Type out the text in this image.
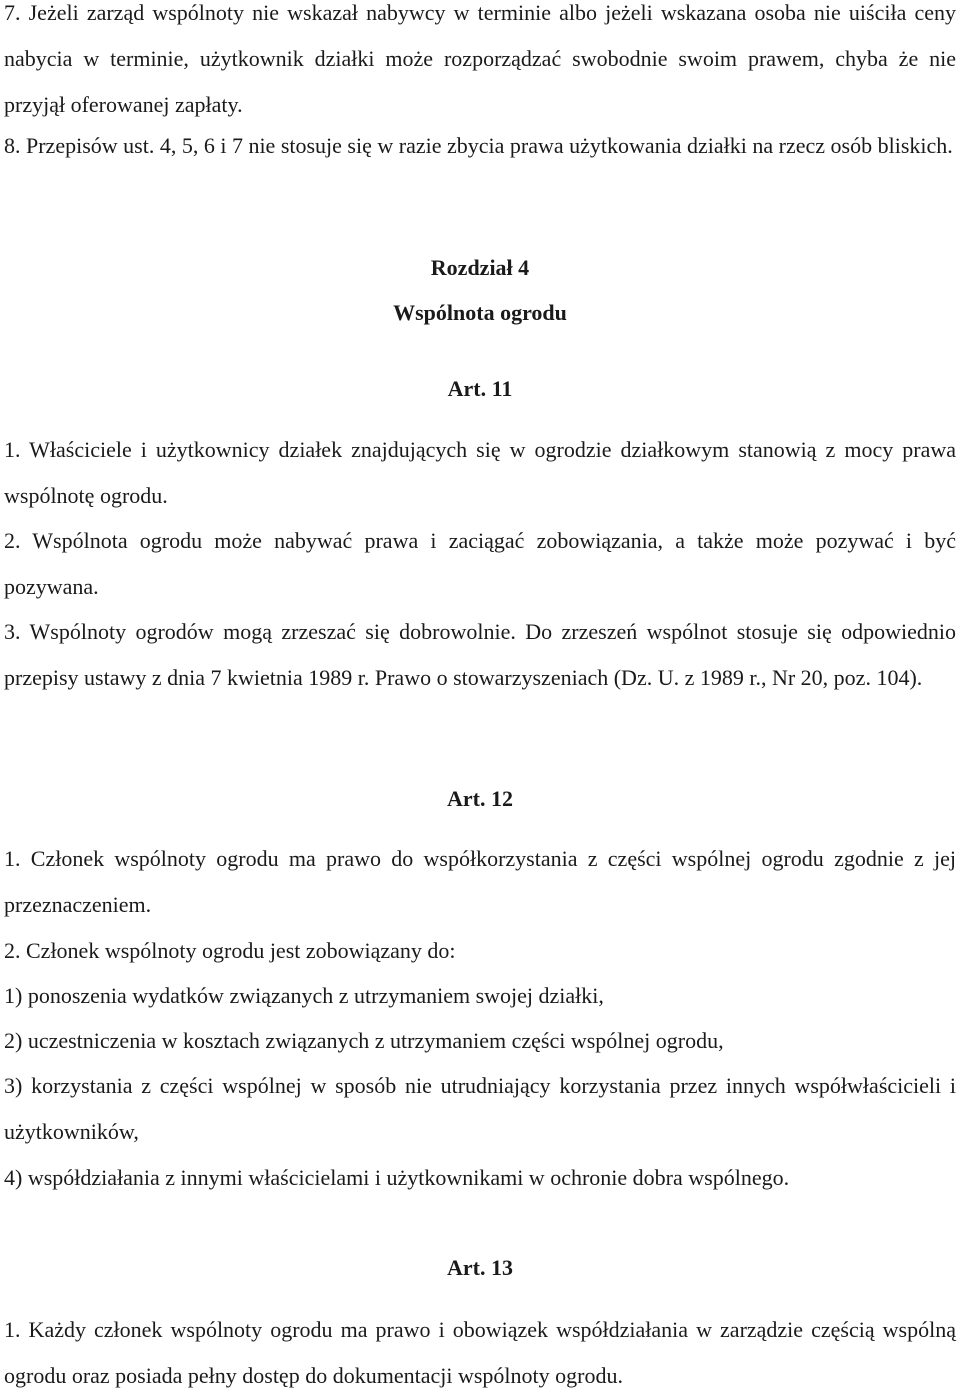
7. Jeżeli zarząd wspólnoty nie wskazał nabywcy w terminie albo jeżeli wskazana osoba nie uiściła ceny nabycia w terminie, użytkownik działki może rozporządzać swobodnie swoim prawem, chyba że nie przyjął oferowanej zapłaty.

8. Przepisów ust. 4, 5, 6 i 7 nie stosuje się w razie zbycia prawa użytkowania działki na rzecz osób bliskich.

Rozdział 4

Wspólnota ogrodu

Art. 11

1. Właściciele i użytkownicy działek znajdujących się w ogrodzie działkowym stanowią z mocy prawa wspólnotę ogrodu.

2. Wspólnota ogrodu może nabywać prawa i zaciągać zobowiązania, a także może pozywać i być pozywana.

3. Wspólnoty ogrodów mogą zrzeszać się dobrowolnie. Do zrzeszeń wspólnot stosuje się odpowiednio przepisy ustawy z dnia 7 kwietnia 1989 r. Prawo o stowarzyszeniach (Dz. U. z 1989 r., Nr 20, poz. 104).

Art. 12

1. Członek wspólnoty ogrodu ma prawo do współkorzystania z części wspólnej ogrodu zgodnie z jej przeznaczeniem.

2. Członek wspólnoty ogrodu jest zobowiązany do:

1) ponoszenia wydatków związanych z utrzymaniem swojej działki,

2) uczestniczenia w kosztach związanych z utrzymaniem części wspólnej ogrodu,

3) korzystania z części wspólnej w sposób nie utrudniający korzystania przez innych współwłaścicieli i użytkowników,

4) współdziałania z innymi właścicielami i użytkownikami w ochronie dobra wspólnego.

Art. 13

1. Każdy członek wspólnoty ogrodu ma prawo i obowiązek współdziałania w zarządzie częścią wspólną ogrodu oraz posiada pełny dostęp do dokumentacji wspólnoty ogrodu.
